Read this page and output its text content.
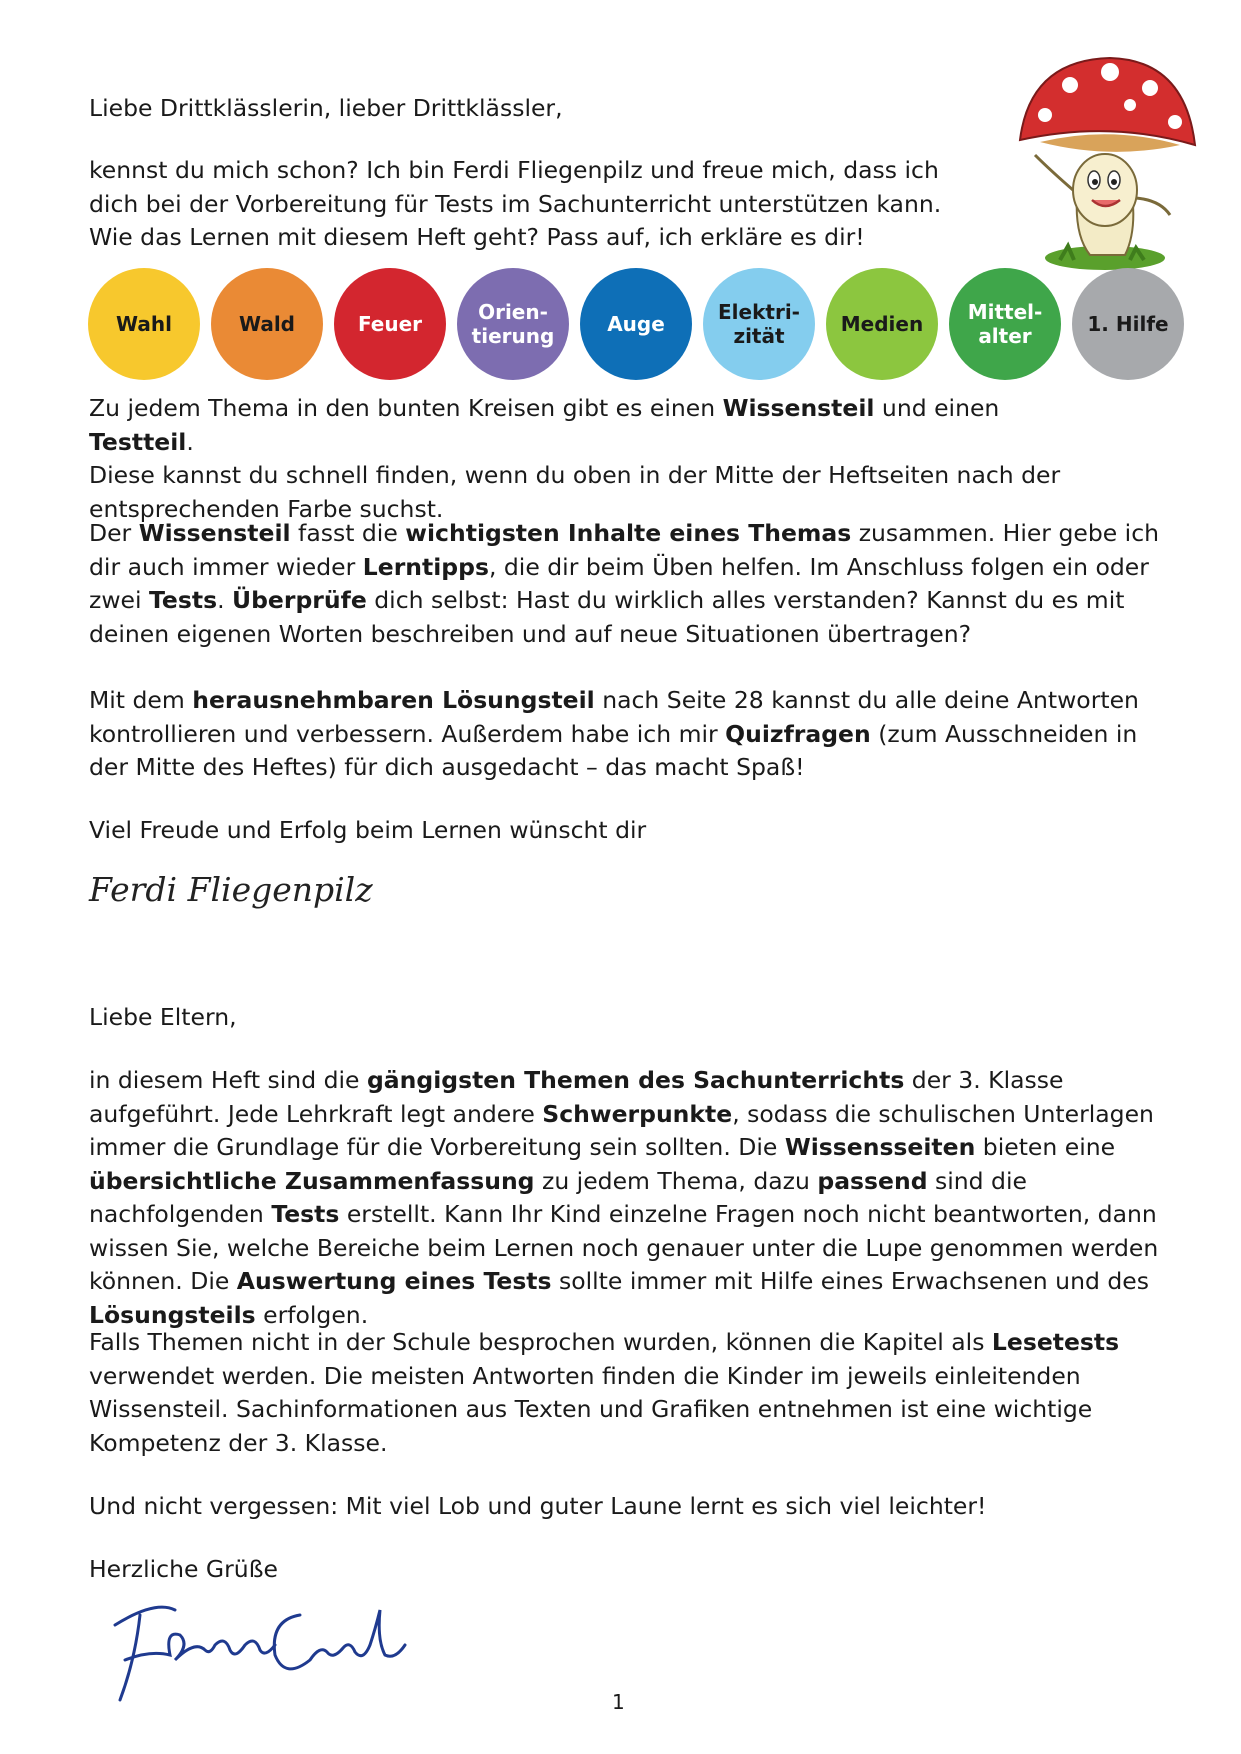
Liebe Drittklässlerin, lieber Drittklässler,
kennst du mich schon? Ich bin Ferdi Fliegenpilz und freue mich, dass ich
dich bei der Vorbereitung für Tests im Sachunterricht unterstützen kann.
Wie das Lernen mit diesem Heft geht? Pass auf, ich erkläre es dir!
Wahl	Wald	Feuer	Orien-
tierung	Auge	Elektri-
zität	Medien Mittel-
alter	1. Hilfe
Zu jedem Thema in den bunten Kreisen gibt es einen Wissensteil und einen Testteil.
Diese kannst du schnell finden, wenn du oben in der Mitte der Heftseiten nach der entsprechenden Farbe suchst.
Der Wissensteil fasst die wichtigsten Inhalte eines Themas zusammen. Hier gebe ich dir auch immer wieder Lerntipps, die dir beim Üben helfen. Im Anschluss folgen ein oder zwei Tests. Überprüfe dich selbst: Hast du wirklich alles verstanden? Kannst du es mit deinen eigenen Worten beschreiben und auf neue Situationen übertragen?
Mit dem herausnehmbaren Lösungsteil nach Seite 28 kannst du alle deine Antworten kontrollieren und verbessern. Außerdem habe ich mir Quizfragen (zum Ausschneiden in der Mitte des Heftes) für dich ausgedacht – das macht Spaß!
Viel Freude und Erfolg beim Lernen wünscht dir
Ferdi Fliegenpilz
Liebe Eltern,
in diesem Heft sind die gängigsten Themen des Sachunterrichts der 3. Klasse aufgeführt. Jede Lehrkraft legt andere Schwerpunkte, sodass die schulischen Unterlagen immer die Grundlage für die Vorbereitung sein sollten. Die Wissensseiten bieten eine übersichtliche Zusammenfassung zu jedem Thema, dazu passend sind die nachfolgenden Tests erstellt. Kann Ihr Kind einzelne Fragen noch nicht beantworten, dann wissen Sie, welche Bereiche beim Lernen noch genauer unter die Lupe genommen werden können. Die Auswertung eines Tests sollte immer mit Hilfe eines Erwachsenen und des Lösungsteils erfolgen.
Falls Themen nicht in der Schule besprochen wurden, können die Kapitel als Lesetests verwendet werden. Die meisten Antworten finden die Kinder im jeweils einleitenden Wissensteil. Sachinformationen aus Texten und Grafiken entnehmen ist eine wichtige Kompetenz der 3. Klasse.
Und nicht vergessen: Mit viel Lob und guter Laune lernt es sich viel leichter!
Herzliche Grüße
1
